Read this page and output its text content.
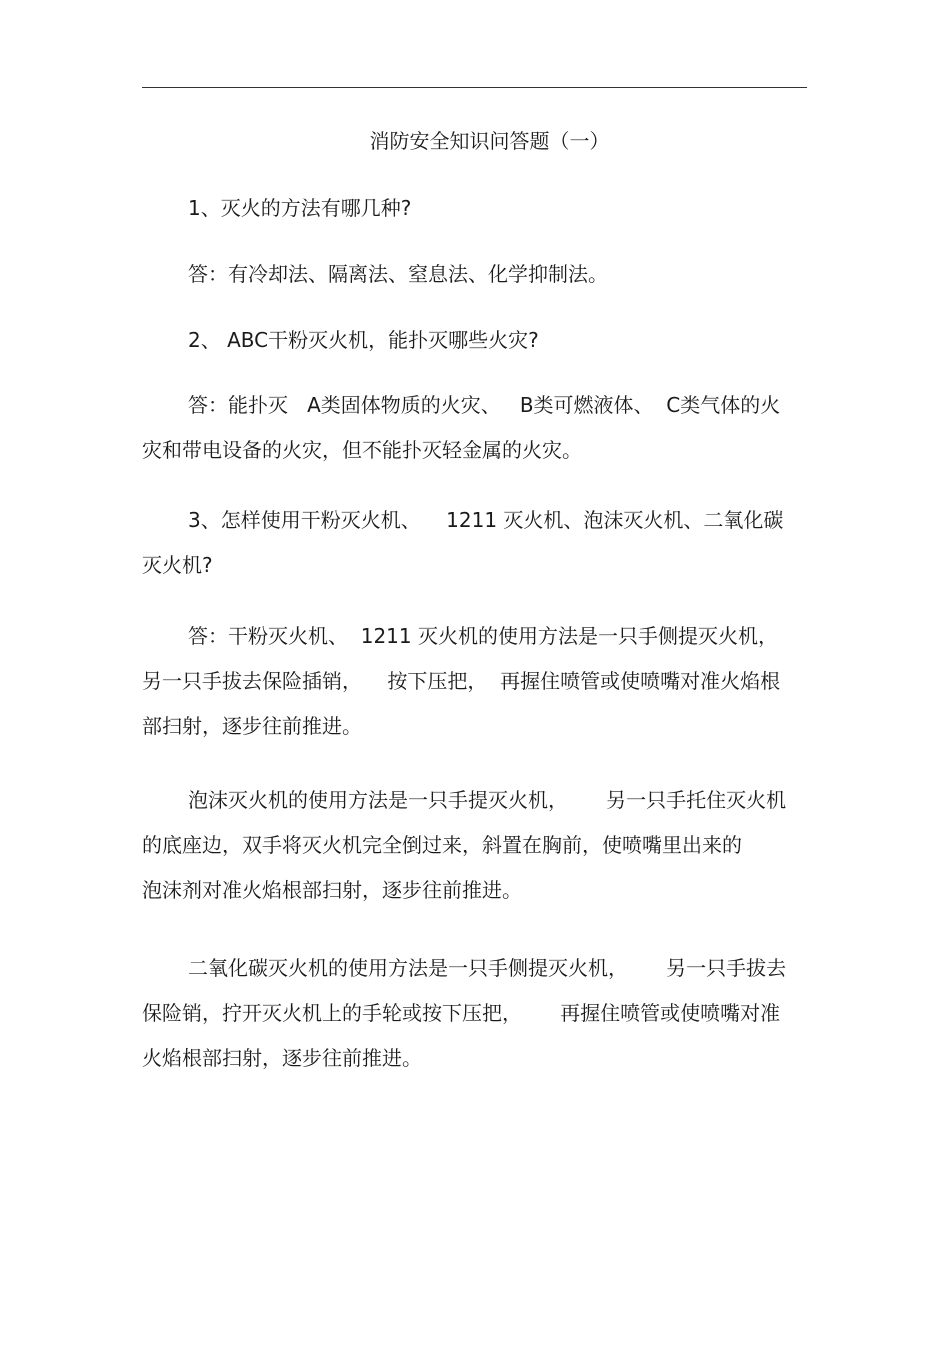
消防安全知识问答题（一）
1、灭火的方法有哪几种?
答：有冷却法、隔离法、窒息法、化学抑制法。
2、 ABC干粉灭火机，能扑灭哪些火灾?
答：能扑灭   A类固体物质的火灾、   B类可燃液体、  C类气体的火
灾和带电设备的火灾，但不能扑灭轻金属的火灾。
3、怎样使用干粉灭火机、    1211 灭火机、泡沫灭火机、二氧化碳
灭火机?
答：干粉灭火机、  1211 灭火机的使用方法是一只手侧提灭火机，
另一只手拔去保险插销，    按下压把，  再握住喷管或使喷嘴对准火焰根
部扫射，逐步往前推进。
泡沫灭火机的使用方法是一只手提灭火机，      另一只手托住灭火机
的底座边，双手将灭火机完全倒过来，斜置在胸前，使喷嘴里出来的
泡沫剂对准火焰根部扫射，逐步往前推进。
二氧化碳灭火机的使用方法是一只手侧提灭火机，      另一只手拔去
保险销，拧开灭火机上的手轮或按下压把，      再握住喷管或使喷嘴对准
火焰根部扫射，逐步往前推进。
